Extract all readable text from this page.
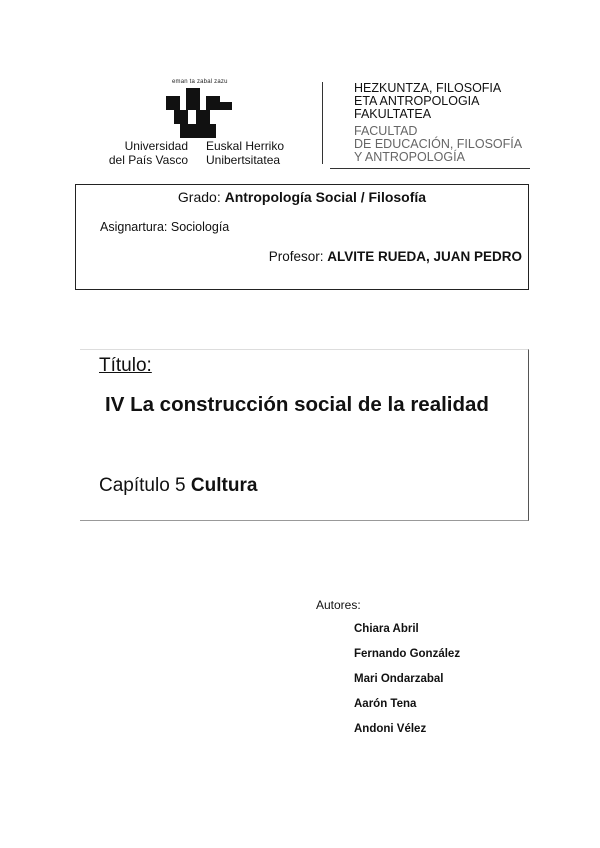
eman ta zabal zazu
Universidad
del País Vasco
Euskal Herriko
Unibertsitatea
HEZKUNTZA, FILOSOFIA
ETA ANTROPOLOGIA
FAKULTATEA
FACULTAD
DE EDUCACIÓN, FILOSOFÍA
Y ANTROPOLOGÍA
Grado: Antropología Social / Filosofía
Asignartura: Sociología
Profesor: ALVITE RUEDA, JUAN PEDRO
Título:
IV La construcción social de la realidad
Capítulo 5 Cultura
Autores:
Chiara Abril
Fernando González
Mari Ondarzabal
Aarón Tena
Andoni Vélez
